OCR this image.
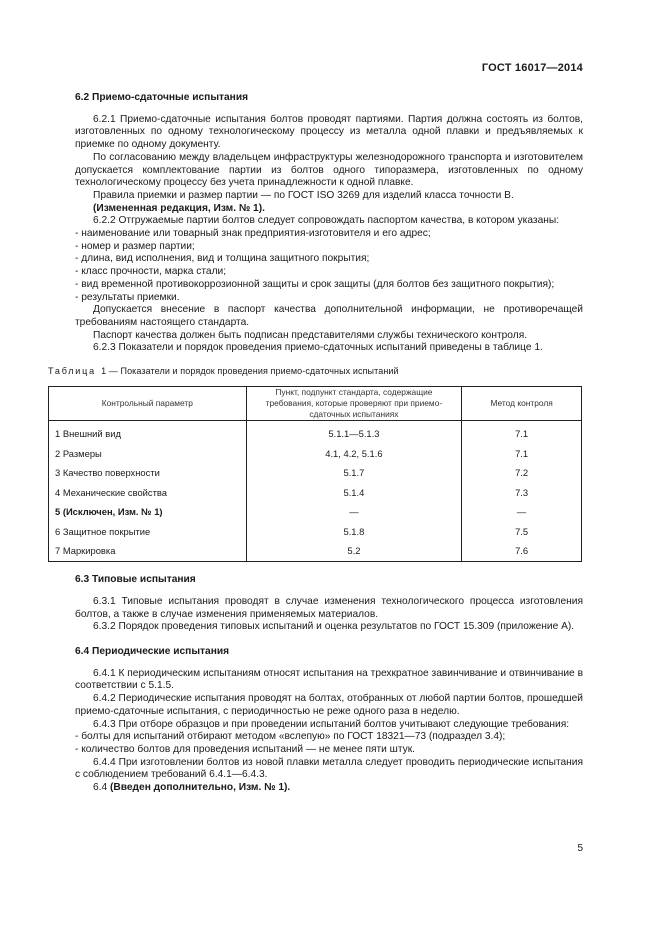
ГОСТ 16017—2014

6.2 Приемо-сдаточные испытания

6.2.1 Приемо-сдаточные испытания болтов проводят партиями. Партия должна состоять из болтов, изготовленных по одному технологическому процессу из металла одной плавки и предъявляемых к приемке по одному документу.

По согласованию между владельцем инфраструктуры железнодорожного транспорта и изготовителем допускается комплектование партии из болтов одного типоразмера, изготовленных по одному технологическому процессу без учета принадлежности к одной плавке.

Правила приемки и размер партии — по ГОСТ ISO 3269 для изделий класса точности В.

(Измененная редакция, Изм. № 1).

6.2.2 Отгружаемые партии болтов следует сопровождать паспортом качества, в котором указаны:

- наименование или товарный знак предприятия-изготовителя и его адрес;

- номер и размер партии;

- длина, вид исполнения, вид и толщина защитного покрытия;

- класс прочности, марка стали;

- вид временной противокоррозионной защиты и срок защиты (для болтов без защитного покрытия);

- результаты приемки.

Допускается внесение в паспорт качества дополнительной информации, не противоречащей требованиям настоящего стандарта.

Паспорт качества должен быть подписан представителями службы технического контроля.

6.2.3 Показатели и порядок проведения приемо-сдаточных испытаний приведены в таблице 1.

Таблица 1 — Показатели и порядок проведения приемо-сдаточных испытаний
Контрольный параметр	Пункт, подпункт стандарта, содержащие требования, которые проверяют при приемо-сдаточных испытаниях	Метод контроля
1 Внешний вид	5.1.1—5.1.3	7.1
2 Размеры	4.1, 4.2, 5.1.6	7.1
3 Качество поверхности	5.1.7	7.2
4 Механические свойства	5.1.4	7.3
5 (Исключен, Изм. № 1)	—	—
6 Защитное покрытие	5.1.8	7.5
7 Маркировка	5.2	7.6

6.3 Типовые испытания

6.3.1 Типовые испытания проводят в случае изменения технологического процесса изготовления болтов, а также в случае изменения применяемых материалов.

6.3.2 Порядок проведения типовых испытаний и оценка результатов по ГОСТ 15.309 (приложение А).

6.4 Периодические испытания

6.4.1 К периодическим испытаниям относят испытания на трехкратное завинчивание и отвинчивание в соответствии с 5.1.5.

6.4.2 Периодические испытания проводят на болтах, отобранных от любой партии болтов, прошедшей приемо-сдаточные испытания, с периодичностью не реже одного раза в неделю.

6.4.3 При отборе образцов и при проведении испытаний болтов учитывают следующие требования:

- болты для испытаний отбирают методом «вслепую» по ГОСТ 18321—73 (подраздел 3.4);

- количество болтов для проведения испытаний — не менее пяти штук.

6.4.4 При изготовлении болтов из новой плавки металла следует проводить периодические испытания с соблюдением требований 6.4.1—6.4.3.

6.4 (Введен дополнительно, Изм. № 1).

5
